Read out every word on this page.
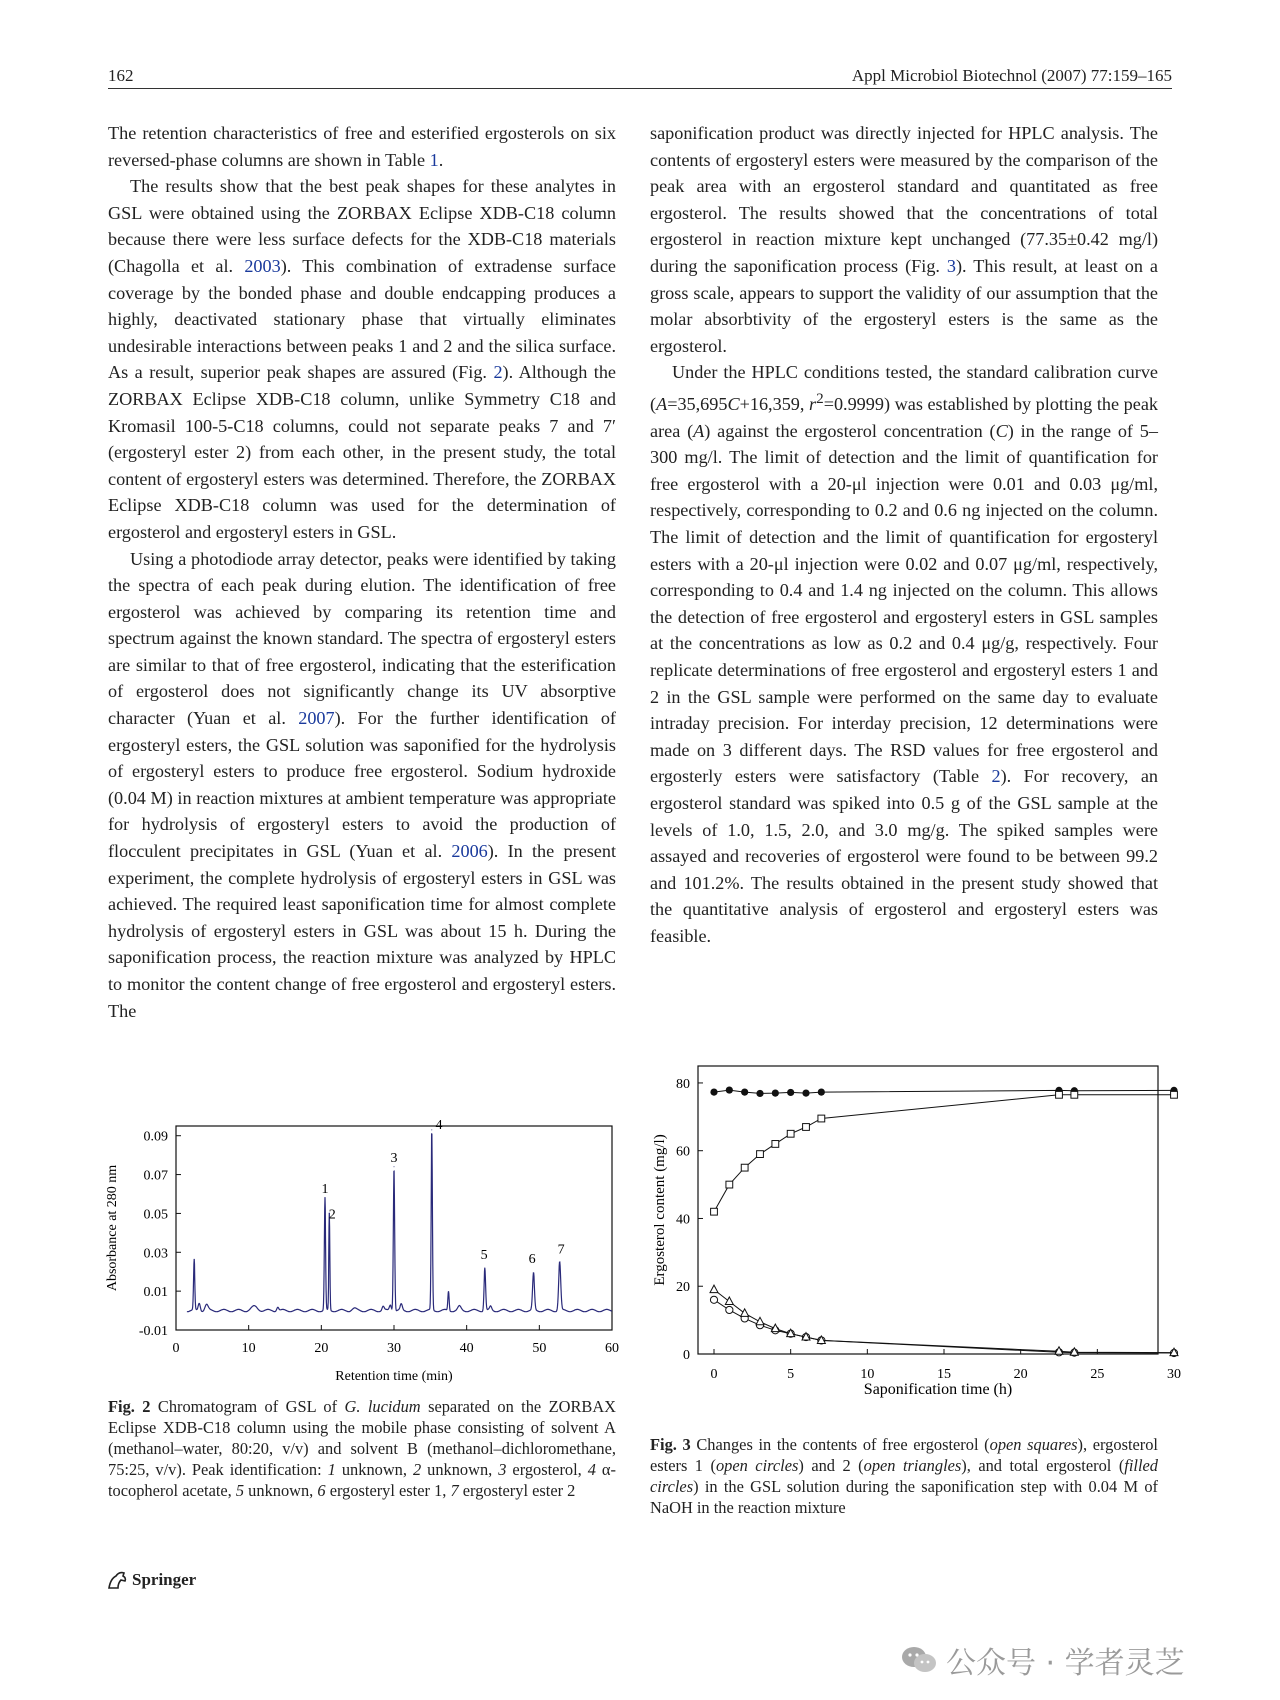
162	Appl Microbiol Biotechnol (2007) 77:159–165

The retention characteristics of free and esterified ergosterols on six reversed-phase columns are shown in Table 1.

The results show that the best peak shapes for these analytes in GSL were obtained using the ZORBAX Eclipse XDB-C18 column because there were less surface defects for the XDB-C18 materials (Chagolla et al. 2003). This combination of extradense surface coverage by the bonded phase and double endcapping produces a highly, deactivated stationary phase that virtually eliminates undesirable interactions between peaks 1 and 2 and the silica surface. As a result, superior peak shapes are assured (Fig. 2). Although the ZORBAX Eclipse XDB-C18 column, unlike Symmetry C18 and Kromasil 100-5-C18 columns, could not separate peaks 7 and 7′ (ergosteryl ester 2) from each other, in the present study, the total content of ergosteryl esters was determined. Therefore, the ZORBAX Eclipse XDB-C18 column was used for the determination of ergosterol and ergosteryl esters in GSL.

Using a photodiode array detector, peaks were identified by taking the spectra of each peak during elution. The identification of free ergosterol was achieved by comparing its retention time and spectrum against the known standard. The spectra of ergosteryl esters are similar to that of free ergosterol, indicating that the esterification of ergosterol does not significantly change its UV absorptive character (Yuan et al. 2007). For the further identification of ergosteryl esters, the GSL solution was saponified for the hydrolysis of ergosteryl esters to produce free ergosterol. Sodium hydroxide (0.04 M) in reaction mixtures at ambient temperature was appropriate for hydrolysis of ergosteryl esters to avoid the production of flocculent precipitates in GSL (Yuan et al. 2006). In the present experiment, the complete hydrolysis of ergosteryl esters in GSL was achieved. The required least saponification time for almost complete hydrolysis of ergosteryl esters in GSL was about 15 h. During the saponification process, the reaction mixture was analyzed by HPLC to monitor the content change of free ergosterol and ergosteryl esters. The

saponification product was directly injected for HPLC analysis. The contents of ergosteryl esters were measured by the comparison of the peak area with an ergosterol standard and quantitated as free ergosterol. The results showed that the concentrations of total ergosterol in reaction mixture kept unchanged (77.35±0.42 mg/l) during the saponification process (Fig. 3). This result, at least on a gross scale, appears to support the validity of our assumption that the molar absorbtivity of the ergosteryl esters is the same as the ergosterol.

Under the HPLC conditions tested, the standard calibration curve (A=35,695C+16,359, $r^2=0.9999$) was established by plotting the peak area (A) against the ergosterol concentration (C) in the range of 5–300 mg/l. The limit of detection and the limit of quantification for free ergosterol with a 20-μl injection were 0.01 and 0.03 μg/ml, respectively, corresponding to 0.2 and 0.6 ng injected on the column. The limit of detection and the limit of quantification for ergosteryl esters with a 20-μl injection were 0.02 and 0.07 μg/ml, respectively, corresponding to 0.4 and 1.4 ng injected on the column. This allows the detection of free ergosterol and ergosteryl esters in GSL samples at the concentrations as low as 0.2 and 0.4 μg/g, respectively. Four replicate determinations of free ergosterol and ergosteryl esters 1 and 2 in the GSL sample were performed on the same day to evaluate intraday precision. For interday precision, 12 determinations were made on 3 different days. The RSD values for free ergosterol and ergosterly esters were satisfactory (Table 2). For recovery, an ergosterol standard was spiked into 0.5 g of the GSL sample at the levels of 1.0, 1.5, 2.0, and 3.0 mg/g. The spiked samples were assayed and recoveries of ergosterol were found to be between 99.2 and 101.2%. The results obtained in the present study showed that the quantitative analysis of ergosterol and ergosteryl esters was feasible.

0	10	20	30	40	50	60
-0.01
0.01
0.03
0.05
0.07
0.09
Retention time (min)
Absorbance at 280 nm	1
2
3
4
5	6
7
Fig. 2 Chromatogram of GSL of G. lucidum separated on the ZORBAX Eclipse XDB-C18 column using the mobile phase consisting of solvent A (methanol–water, 80:20, v/v) and solvent B (methanol–dichloromethane, 75:25, v/v). Peak identification: 1 unknown, 2 unknown, 3 ergosterol, 4 α-tocopherol acetate, 5 unknown, 6 ergosteryl ester 1, 7 ergosteryl ester 2
0	5	10	15	20	25	30
0
20
40
60
80
Saponification time (h)
Ergosterol content (mg/l)
Fig. 3 Changes in the contents of free ergosterol (open squares), ergosterol esters 1 (open circles) and 2 (open triangles), and total ergosterol (filled circles) in the GSL solution during the saponification step with 0.04 M of NaOH in the reaction mixture
Springer
公众号 · 学者灵芝
